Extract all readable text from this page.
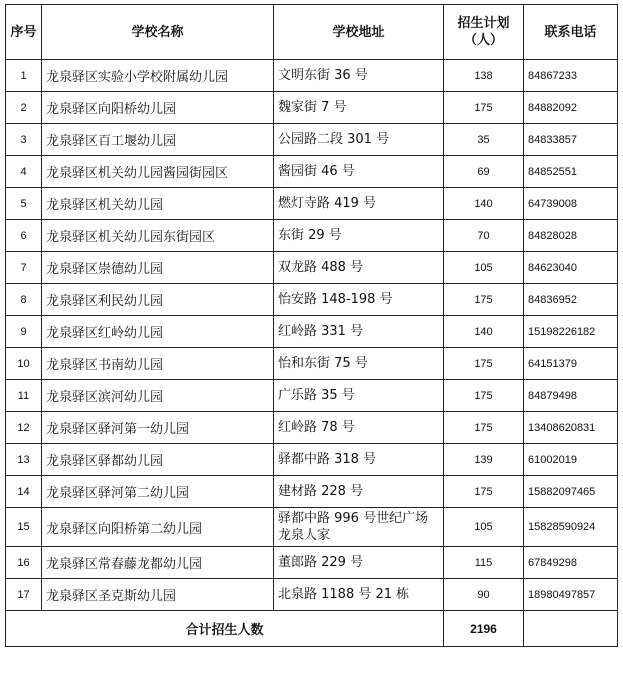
序号	学校名称	学校地址	招生计划（人）	联系电话
1	龙泉驿区实验小学校附属幼儿园	文明东街 36 号	138	84867233
2	龙泉驿区向阳桥幼儿园	魏家街 7 号	175	84882092
3	龙泉驿区百工堰幼儿园	公园路二段 301 号	35	84833857
4	龙泉驿区机关幼儿园酱园街园区	酱园街 46 号	69	84852551
5	龙泉驿区机关幼儿园	燃灯寺路 419 号	140	64739008
6	龙泉驿区机关幼儿园东街园区	东街 29 号	70	84828028
7	龙泉驿区崇德幼儿园	双龙路 488 号	105	84623040
8	龙泉驿区利民幼儿园	怡安路 148-198 号	175	84836952
9	龙泉驿区红岭幼儿园	红岭路 331 号	140	15198226182
10	龙泉驿区书南幼儿园	怡和东街 75 号	175	64151379
11	龙泉驿区滨河幼儿园	广乐路 35 号	175	84879498
12	龙泉驿区驿河第一幼儿园	红岭路 78 号	175	13408620831
13	龙泉驿区驿都幼儿园	驿都中路 318 号	139	61002019
14	龙泉驿区驿河第二幼儿园	建材路 228 号	175	15882097465
15	龙泉驿区向阳桥第二幼儿园	驿都中路 996 号世纪广场龙泉人家	105	15828590924
16	龙泉驿区常春藤龙都幼儿园	董郎路 229 号	115	67849298
17	龙泉驿区圣克斯幼儿园	北泉路 1188 号 21 栋	90	18980497857
合计招生人数			2196	
